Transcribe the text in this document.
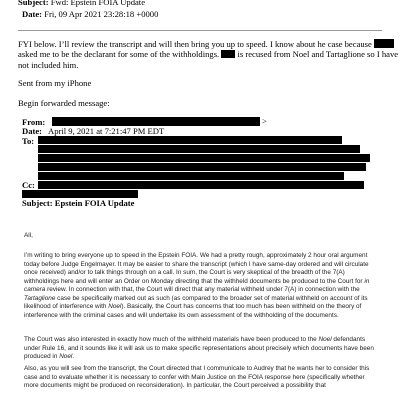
Subject: Fwd: Epstein FOIA Update
Date: Fri, 09 Apr 2021 23:28:18 +0000
FYI below. I’ll review the transcript and will then bring you up to speed. I know about he case because
asked me to be the declarant for some of the withholdings. is recused from Noel and Tartaglione so I have
not included him.
Sent from my iPhone
Begin forwarded message:
From:	>
Date: April 9, 2021 at 7:21:47 PM EDT
To:
Cc:
Subject: Epstein FOIA Update
All,
I’m writing to bring everyone up to speed in the Epstein FOIA. We had a pretty rough, approximately 2 hour oral argument today before Judge Engelmayer. It may be easier to share the transcript (which I have same-day ordered and will circulate once received) and/or to talk things through on a call. In sum, the Court is very skeptical of the breadth of the 7(A) withholdings here and will enter an Order on Monday directing that the withheld documents be produced to the Court for in camera review. In connection with that, the Court will direct that any material withheld under 7(A) in connection with the Tartaglione case be specifically marked out as such (as compared to the broader set of material withheld on account of its likelihood of interference with Noel). Basically, the Court has concerns that too much has been withheld on the theory of interference with the criminal cases and will undertake its own assessment of the withholding of the documents.
The Court was also interested in exactly how much of the withheld materials have been produced to the Noel defendants under Rule 16, and it sounds like it will ask us to make specific representations about precisely which documents have been produced in Noel.
Also, as you will see from the transcript, the Court directed that I communicate to Audrey that he wants her to consider this case and to evaluate whether it is necessary to confer with Main Justice on the FOIA response here (specifically whether more documents might be produced on reconsideration). In particular, the Court perceived a possibility that
